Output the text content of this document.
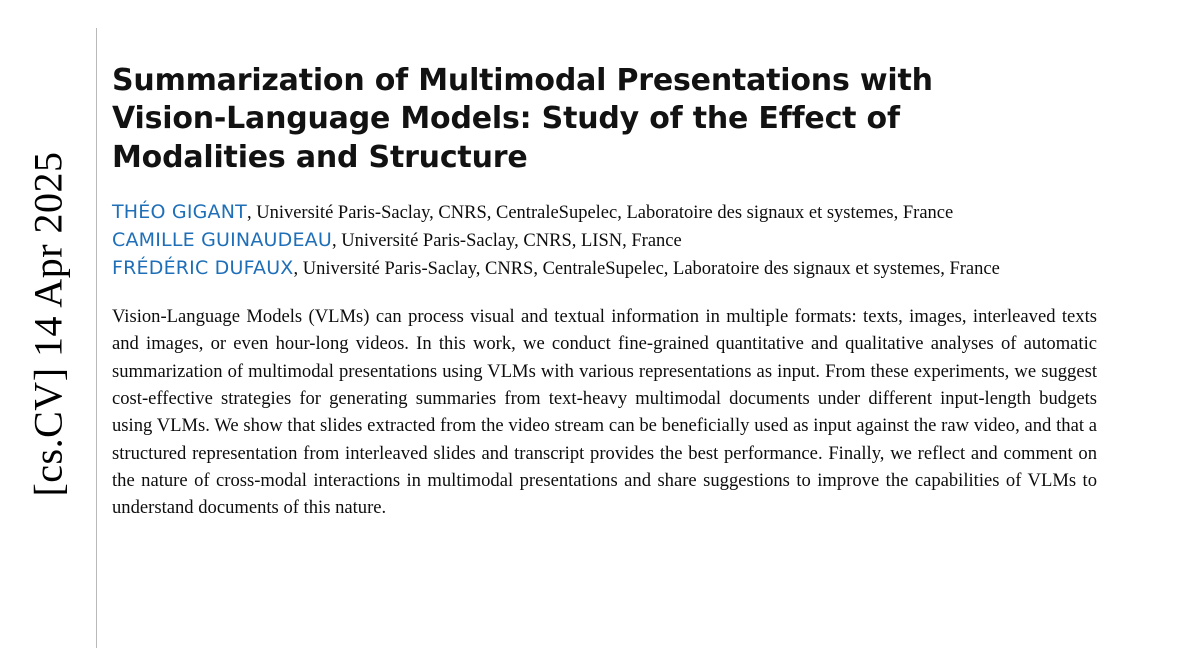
[cs.CV] 14 Apr 2025
Summarization of Multimodal Presentations with Vision-Language Models: Study of the Effect of Modalities and Structure

THÉO GIGANT, Université Paris-Saclay, CNRS, CentraleSupelec, Laboratoire des signaux et systemes, France

CAMILLE GUINAUDEAU, Université Paris-Saclay, CNRS, LISN, France

FRÉDÉRIC DUFAUX, Université Paris-Saclay, CNRS, CentraleSupelec, Laboratoire des signaux et systemes, France

Vision-Language Models (VLMs) can process visual and textual information in multiple formats: texts, images, interleaved texts and images, or even hour-long videos. In this work, we conduct fine-grained quantitative and qualitative analyses of automatic summarization of multimodal presentations using VLMs with various representations as input. From these experiments, we suggest cost-effective strategies for generating summaries from text-heavy multimodal documents under different input-length budgets using VLMs. We show that slides extracted from the video stream can be beneficially used as input against the raw video, and that a structured representation from interleaved slides and transcript provides the best performance. Finally, we reflect and comment on the nature of cross-modal interactions in multimodal presentations and share suggestions to improve the capabilities of VLMs to understand documents of this nature.
